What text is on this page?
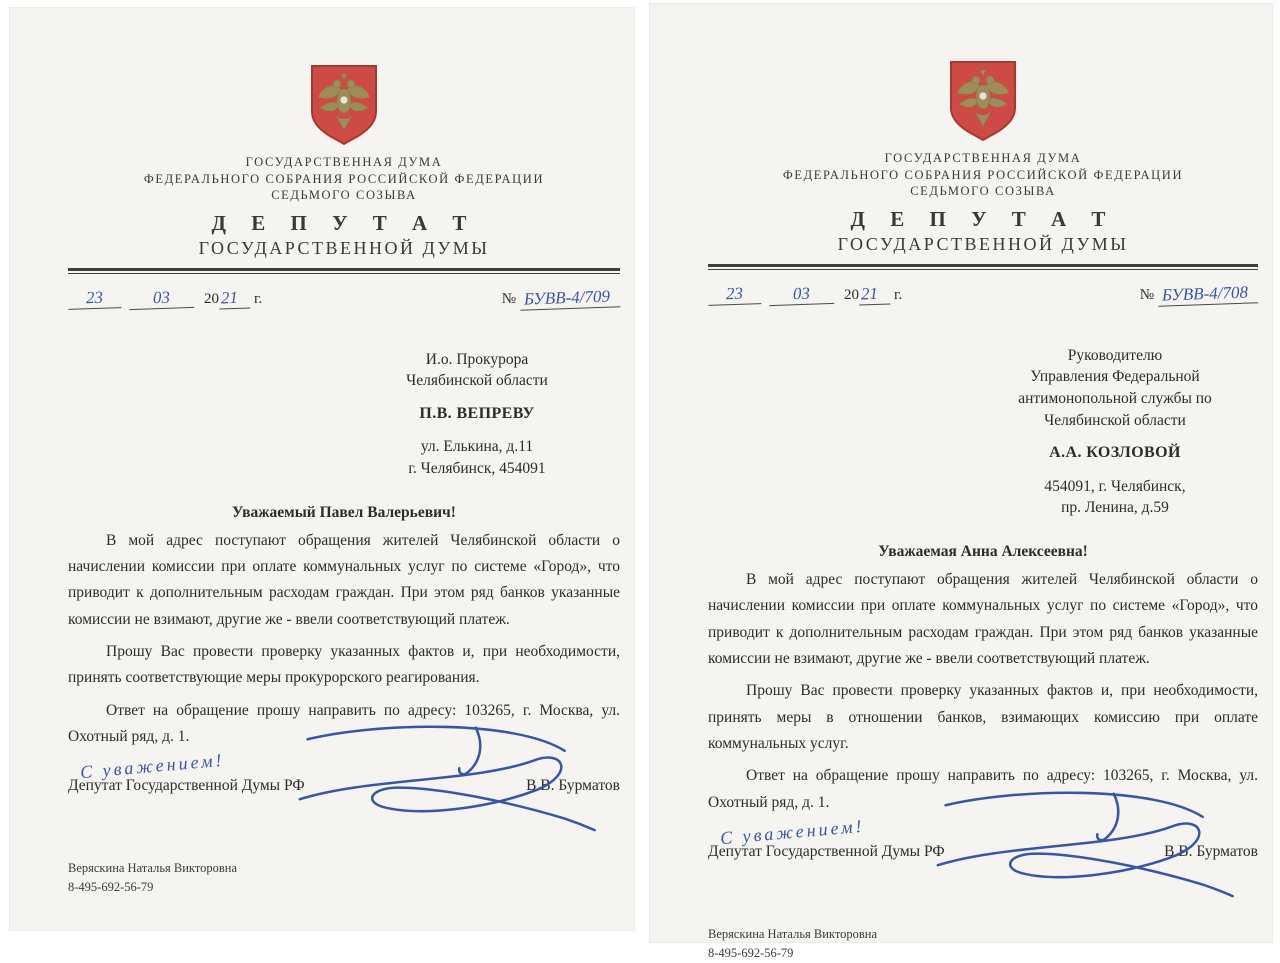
ГОСУДАРСТВЕННАЯ ДУМА
ФЕДЕРАЛЬНОГО СОБРАНИЯ РОССИЙСКОЙ ФЕДЕРАЦИИ
СЕДЬМОГО СОЗЫВА
Д Е П У Т А Т
ГОСУДАРСТВЕННОЙ ДУМЫ
23	03	20 21	г.	№ БУВВ-4/709
И.о. Прокурора
Челябинской области
П.В. ВЕПРЕВУ
ул. Елькина, д.11
г. Челябинск, 454091
Уважаемый Павел Валерьевич!

В мой адрес поступают обращения жителей Челябинской области о начислении комиссии при оплате коммунальных услуг по системе «Город», что приводит к дополнительным расходам граждан. При этом ряд банков указанные комиссии не взимают, другие же - ввели соответствующий платеж.

Прошу Вас провести проверку указанных фактов и, при необходимости, принять соответствующие меры прокурорского реагирования.

Ответ на обращение прошу направить по адресу: 103265, г. Москва, ул. Охотный ряд, д. 1.

С уважением!
Депутат Государственной Думы РФ	В.В. Бурматов
Веряскина Наталья Викторовна
8-495-692-56-79
ГОСУДАРСТВЕННАЯ ДУМА
ФЕДЕРАЛЬНОГО СОБРАНИЯ РОССИЙСКОЙ ФЕДЕРАЦИИ
СЕДЬМОГО СОЗЫВА
Д Е П У Т А Т
ГОСУДАРСТВЕННОЙ ДУМЫ
23	03	20 21	г.	№ БУВВ-4/708
Руководителю
Управления Федеральной
антимонопольной службы по
Челябинской области
А.А. КОЗЛОВОЙ
454091, г. Челябинск,
пр. Ленина, д.59
Уважаемая Анна Алексеевна!

В мой адрес поступают обращения жителей Челябинской области о начислении комиссии при оплате коммунальных услуг по системе «Город», что приводит к дополнительным расходам граждан. При этом ряд банков указанные комиссии не взимают, другие же - ввели соответствующий платеж.

Прошу Вас провести проверку указанных фактов и, при необходимости, принять меры в отношении банков, взимающих комиссию при оплате коммунальных услуг.

Ответ на обращение прошу направить по адресу: 103265, г. Москва, ул. Охотный ряд, д. 1.

С уважением!
Депутат Государственной Думы РФ	В.В. Бурматов
Веряскина Наталья Викторовна
8-495-692-56-79
